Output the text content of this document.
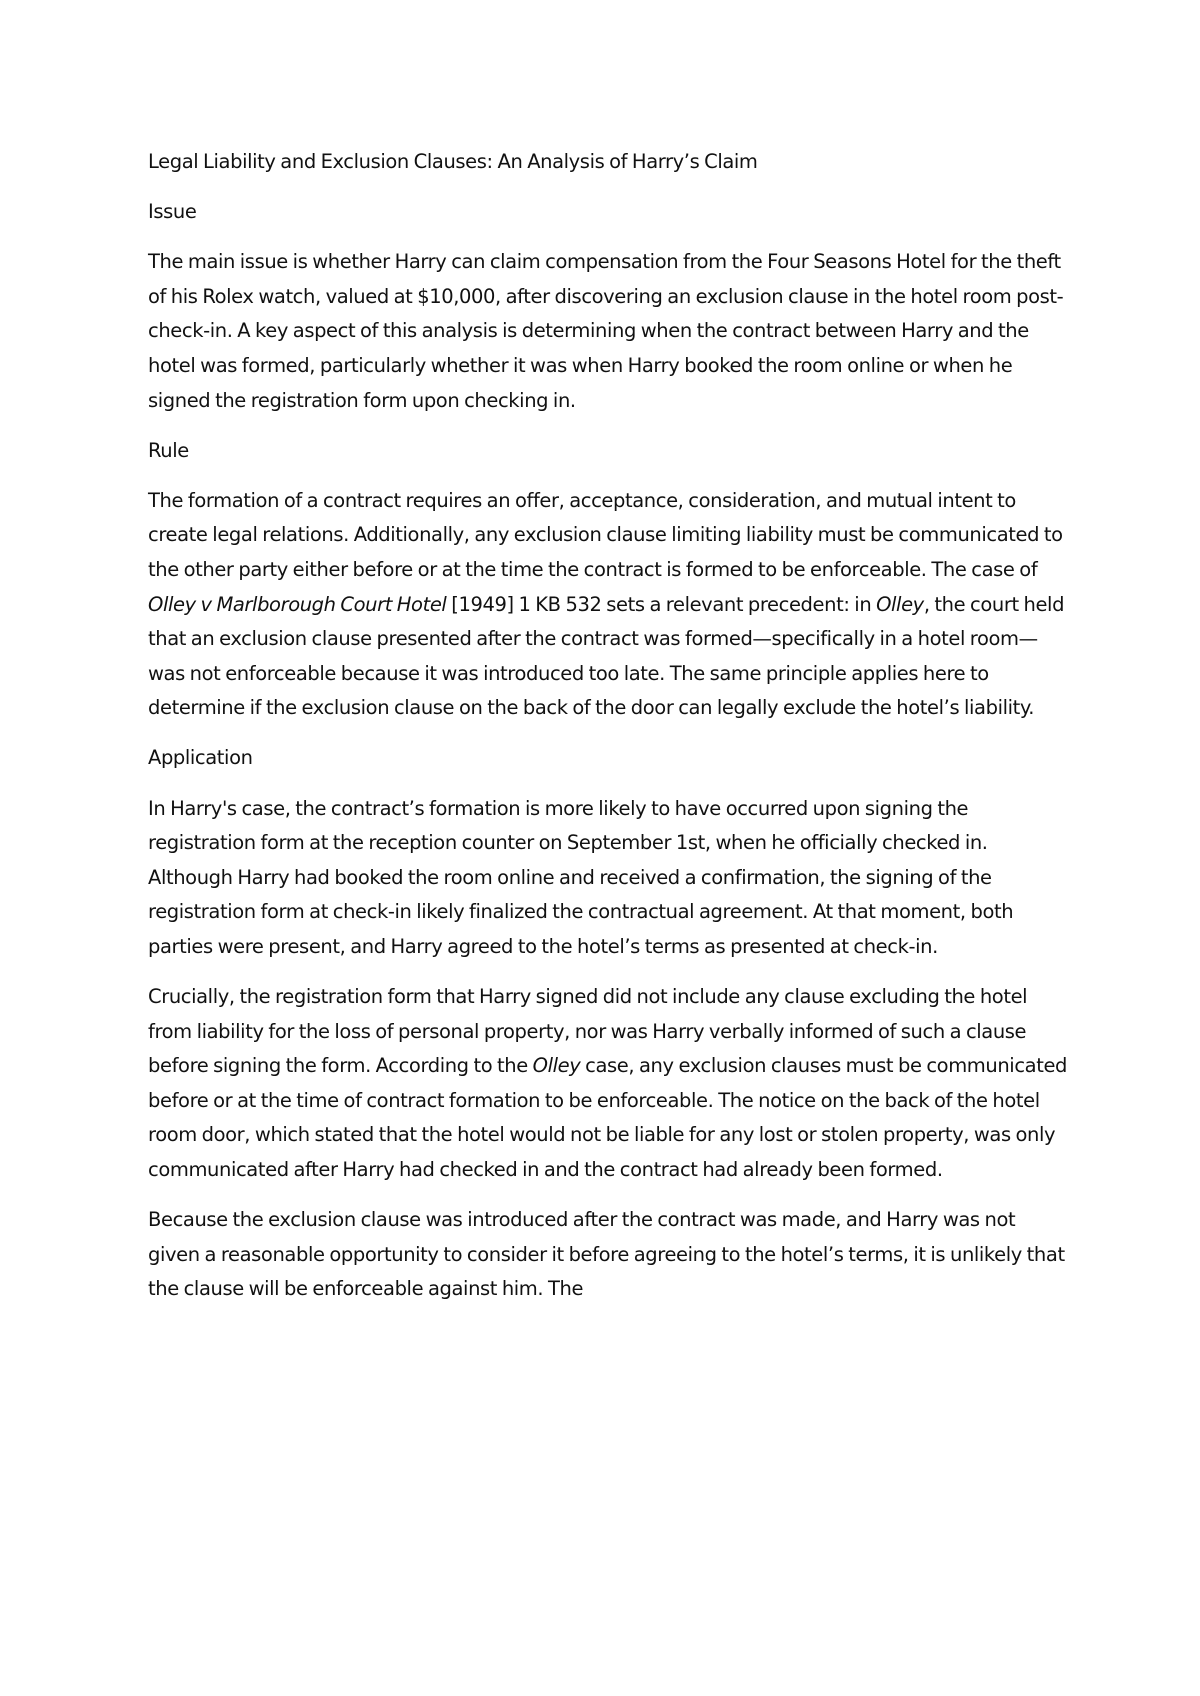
Legal Liability and Exclusion Clauses: An Analysis of Harry’s Claim

Issue

The main issue is whether Harry can claim compensation from the Four Seasons Hotel for the theft of his Rolex watch, valued at $10,000, after discovering an exclusion clause in the hotel room post-check-in. A key aspect of this analysis is determining when the contract between Harry and the hotel was formed, particularly whether it was when Harry booked the room online or when he signed the registration form upon checking in.

Rule

The formation of a contract requires an offer, acceptance, consideration, and mutual intent to create legal relations. Additionally, any exclusion clause limiting liability must be communicated to the other party either before or at the time the contract is formed to be enforceable. The case of Olley v Marlborough Court Hotel [1949] 1 KB 532 sets a relevant precedent: in Olley, the court held that an exclusion clause presented after the contract was formed—specifically in a hotel room—was not enforceable because it was introduced too late. The same principle applies here to determine if the exclusion clause on the back of the door can legally exclude the hotel’s liability.

Application

In Harry's case, the contract’s formation is more likely to have occurred upon signing the registration form at the reception counter on September 1st, when he officially checked in. Although Harry had booked the room online and received a confirmation, the signing of the registration form at check-in likely finalized the contractual agreement. At that moment, both parties were present, and Harry agreed to the hotel’s terms as presented at check-in.

Crucially, the registration form that Harry signed did not include any clause excluding the hotel from liability for the loss of personal property, nor was Harry verbally informed of such a clause before signing the form. According to the Olley case, any exclusion clauses must be communicated before or at the time of contract formation to be enforceable. The notice on the back of the hotel room door, which stated that the hotel would not be liable for any lost or stolen property, was only communicated after Harry had checked in and the contract had already been formed.

Because the exclusion clause was introduced after the contract was made, and Harry was not given a reasonable opportunity to consider it before agreeing to the hotel’s terms, it is unlikely that the clause will be enforceable against him. The
